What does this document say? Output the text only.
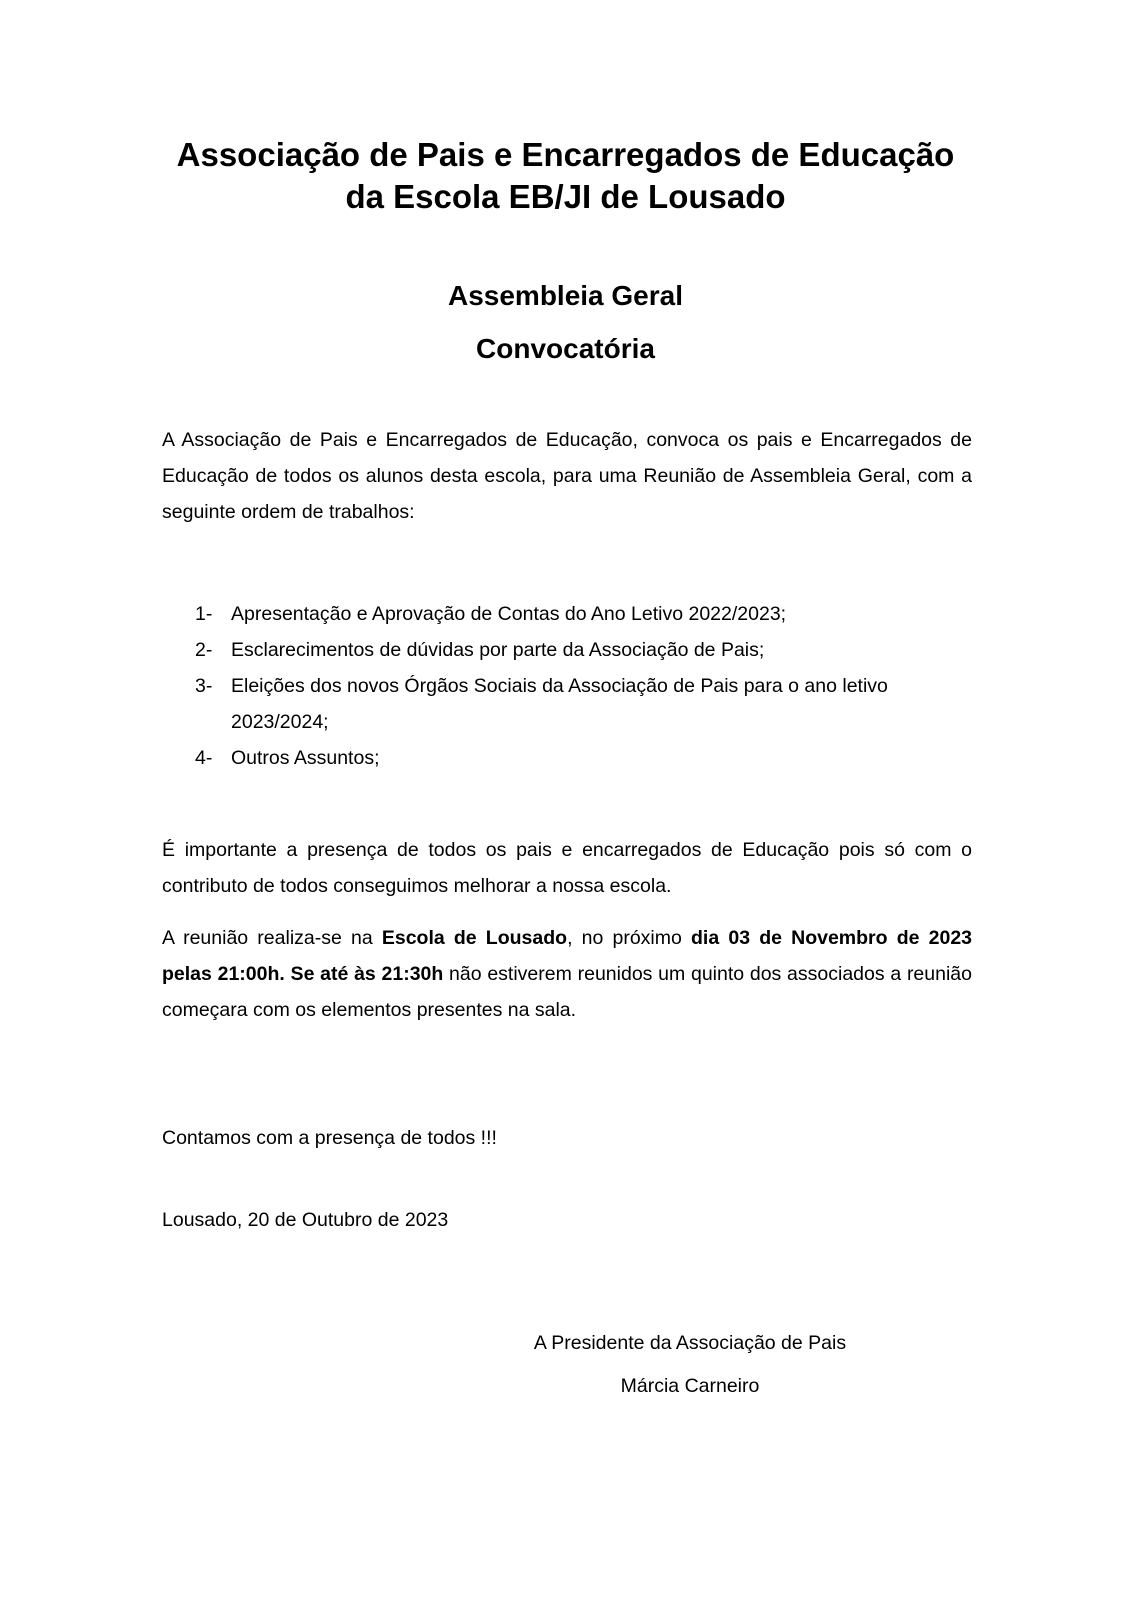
Associação de Pais e Encarregados de Educação
da Escola EB/JI de Lousado
Assembleia Geral
Convocatória

A Associação de Pais e Encarregados de Educação, convoca os pais e Encarregados de Educação de todos os alunos desta escola, para uma Reunião de Assembleia Geral, com a seguinte ordem de trabalhos:

1- Apresentação e Aprovação de Contas do Ano Letivo 2022/2023;
2- Esclarecimentos de dúvidas por parte da Associação de Pais;
3- Eleições dos novos Órgãos Sociais da Associação de Pais para o ano letivo 2023/2024;
4- Outros Assuntos;

É importante a presença de todos os pais e encarregados de Educação pois só com o contributo de todos conseguimos melhorar a nossa escola.

A reunião realiza-se na Escola de Lousado, no próximo dia 03 de Novembro de 2023 pelas 21:00h. Se até às 21:30h não estiverem reunidos um quinto dos associados a reunião começara com os elementos presentes na sala.

Contamos com a presença de todos !!!

Lousado, 20 de Outubro de 2023

A Presidente da Associação de Pais

Márcia Carneiro
